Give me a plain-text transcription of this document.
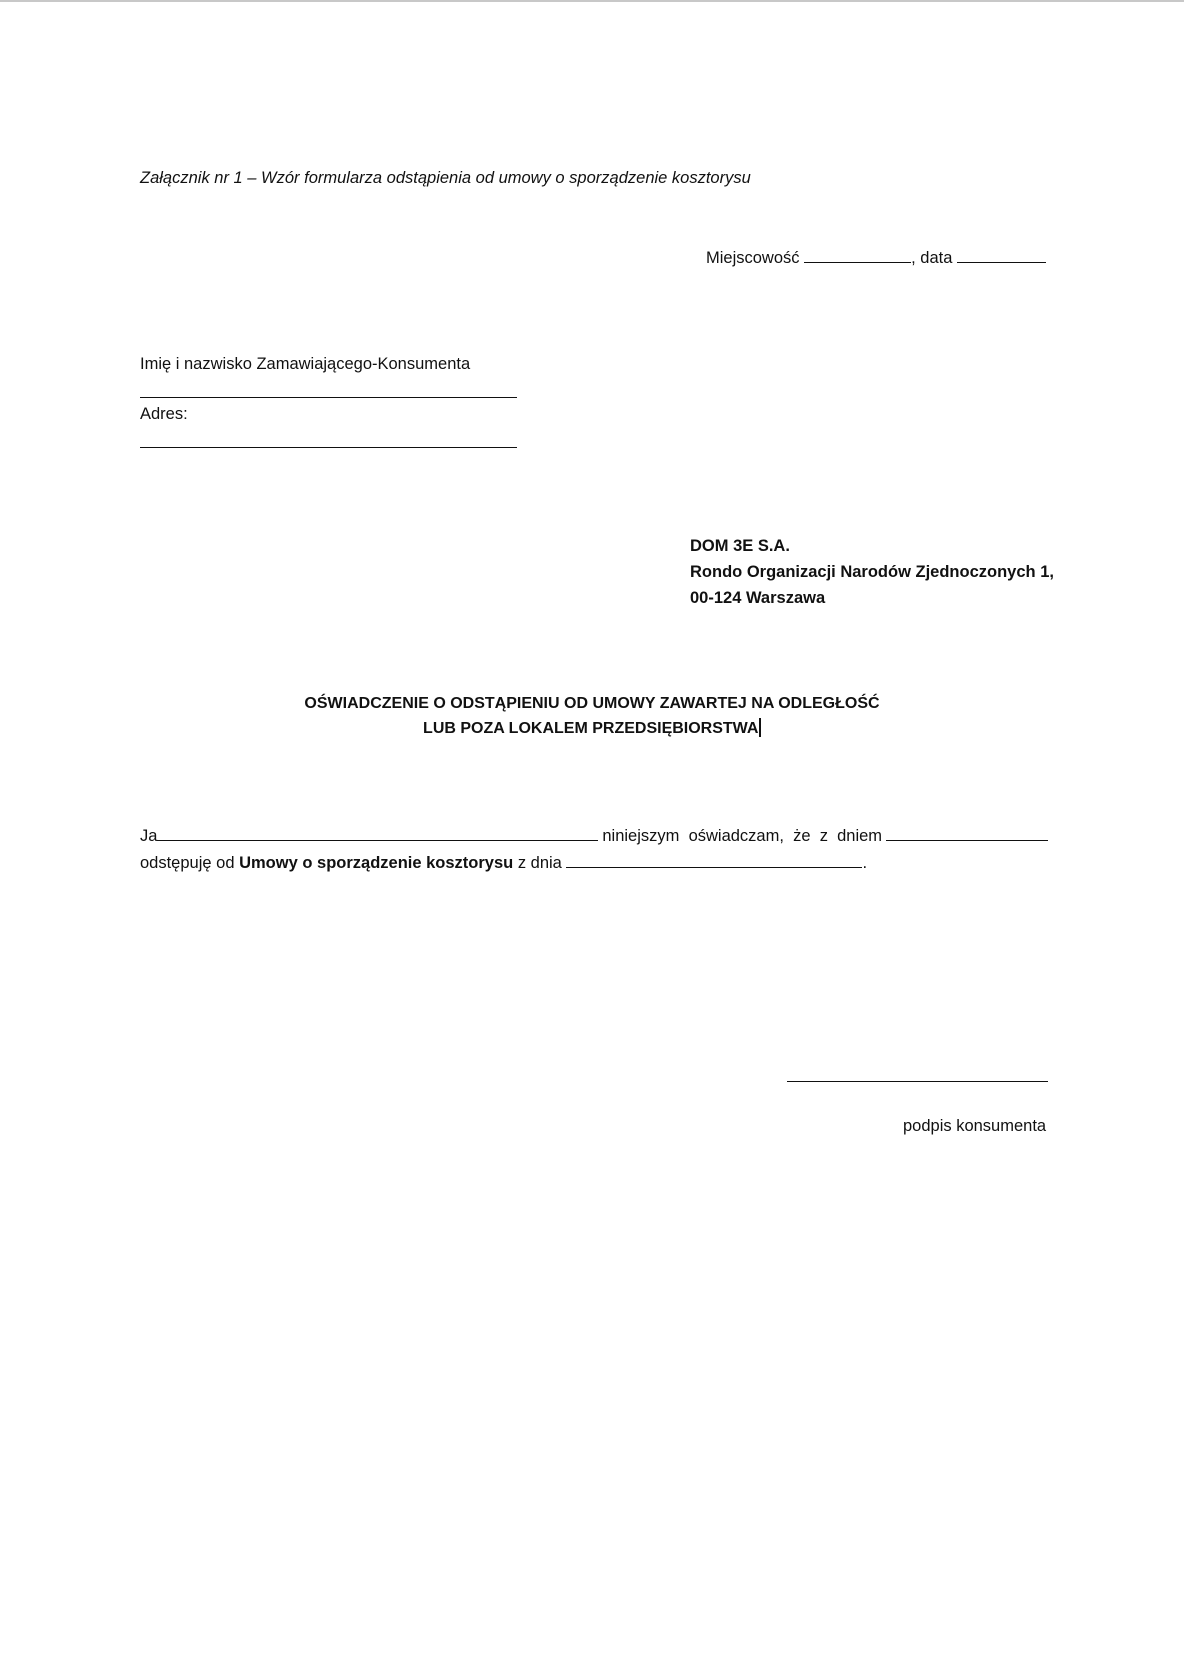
Załącznik nr 1 – Wzór formularza odstąpienia od umowy o sporządzenie kosztorysu
Miejscowość	, data
Imię i nazwisko Zamawiającego-Konsumenta
Adres:
DOM 3E S.A.
Rondo Organizacji Narodów Zjednoczonych 1,
00-124 Warszawa
OŚWIADCZENIE O ODSTĄPIENIU OD UMOWY ZAWARTEJ NA ODLEGŁOŚĆ
LUB POZA LOKALEM PRZEDSIĘBIORSTWA
Ja	niniejszym  oświadczam,  że  z  dniem
odstępuję od Umowy o sporządzenie kosztorysu z dnia	.
podpis konsumenta
